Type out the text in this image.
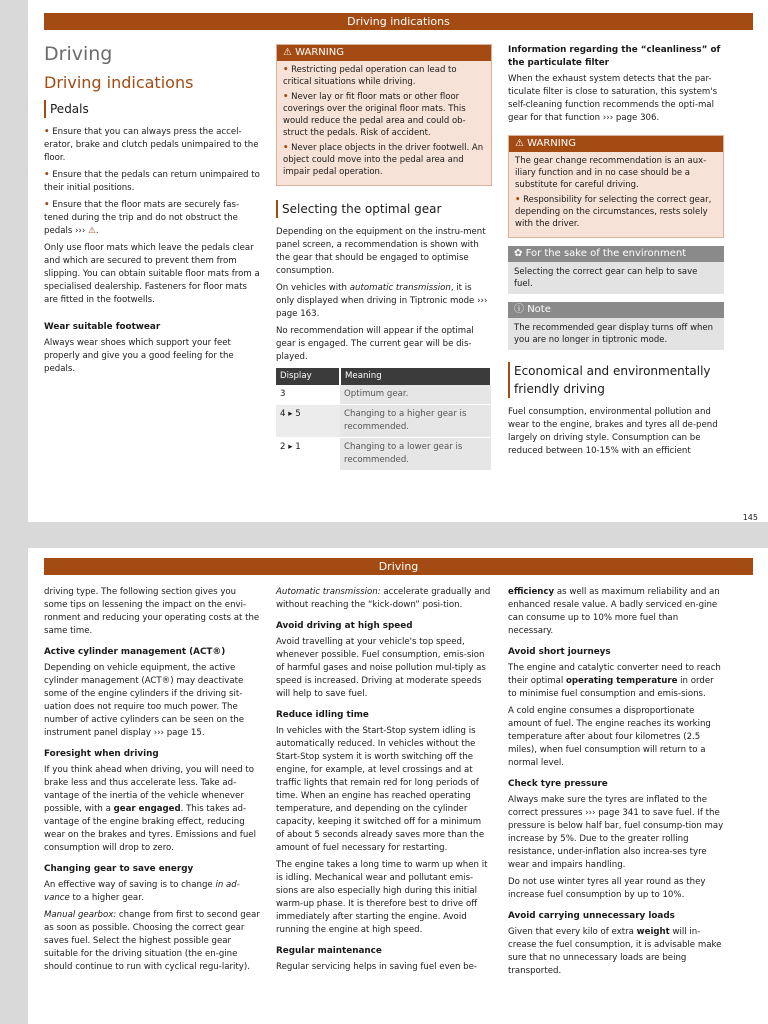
Driving indications
Driving
Driving indications
Pedals

• Ensure that you can always press the accel-erator, brake and clutch pedals unimpaired to the floor.

• Ensure that the pedals can return unimpaired to their initial positions.

• Ensure that the floor mats are securely fas-tened during the trip and do not obstruct the pedals ››› ⚠.

Only use floor mats which leave the pedals clear and which are secured to prevent them from slipping. You can obtain suitable floor mats from a specialised dealership. Fasteners for floor mats are fitted in the footwells.

Wear suitable footwear

Always wear shoes which support your feet properly and give you a good feeling for the pedals.

⚠ WARNING

• Restricting pedal operation can lead to critical situations while driving.

• Never lay or fit floor mats or other floor coverings over the original floor mats. This would reduce the pedal area and could ob-struct the pedals. Risk of accident.

• Never place objects in the driver footwell. An object could move into the pedal area and impair pedal operation.

Selecting the optimal gear

Depending on the equipment on the instru-ment panel screen, a recommendation is shown with the gear that should be engaged to optimise consumption.

On vehicles with automatic transmission, it is only displayed when driving in Tiptronic mode ››› page 163.

No recommendation will appear if the optimal gear is engaged. The current gear will be dis-played.

Display	Meaning
3	Optimum gear.
4 ▸ 5	Changing to a higher gear is recommended.
2 ▸ 1	Changing to a lower gear is recommended.
Information regarding the “cleanliness” of the particulate filter

When the exhaust system detects that the par-ticulate filter is close to saturation, this system's self-cleaning function recommends the opti-mal gear for that function ››› page 306.

⚠ WARNING

The gear change recommendation is an aux-iliary function and in no case should be a substitute for careful driving.

• Responsibility for selecting the correct gear, depending on the circumstances, rests solely with the driver.

✿ For the sake of the environment
Selecting the correct gear can help to save fuel.
ⓘ Note
The recommended gear display turns off when you are no longer in tiptronic mode.
Economical and environmentally friendly driving

Fuel consumption, environmental pollution and wear to the engine, brakes and tyres all de-pend largely on driving style. Consumption can be reduced between 10-15% with an efficient

145
Driving

driving type. The following section gives you some tips on lessening the impact on the envi-ronment and reducing your operating costs at the same time.

Active cylinder management (ACT®)

Depending on vehicle equipment, the active cylinder management (ACT®) may deactivate some of the engine cylinders if the driving sit-uation does not require too much power. The number of active cylinders can be seen on the instrument panel display ››› page 15.

Foresight when driving

If you think ahead when driving, you will need to brake less and thus accelerate less. Take ad-vantage of the inertia of the vehicle whenever possible, with a gear engaged. This takes ad-vantage of the engine braking effect, reducing wear on the brakes and tyres. Emissions and fuel consumption will drop to zero.

Changing gear to save energy

An effective way of saving is to change in ad-vance to a higher gear.

Manual gearbox: change from first to second gear as soon as possible. Choosing the correct gear saves fuel. Select the highest possible gear suitable for the driving situation (the en-gine should continue to run with cyclical regu-larity).

Automatic transmission: accelerate gradually and without reaching the “kick-down” posi-tion.

Avoid driving at high speed

Avoid travelling at your vehicle's top speed, whenever possible. Fuel consumption, emis-sion of harmful gases and noise pollution mul-tiply as speed is increased. Driving at moderate speeds will help to save fuel.

Reduce idling time

In vehicles with the Start-Stop system idling is automatically reduced. In vehicles without the Start-Stop system it is worth switching off the engine, for example, at level crossings and at traffic lights that remain red for long periods of time. When an engine has reached operating temperature, and depending on the cylinder capacity, keeping it switched off for a minimum of about 5 seconds already saves more than the amount of fuel necessary for restarting.

The engine takes a long time to warm up when it is idling. Mechanical wear and pollutant emis-sions are also especially high during this initial warm-up phase. It is therefore best to drive off immediately after starting the engine. Avoid running the engine at high speed.

Regular maintenance

Regular servicing helps in saving fuel even be-

efficiency as well as maximum reliability and an enhanced resale value. A badly serviced en-gine can consume up to 10% more fuel than necessary.

Avoid short journeys

The engine and catalytic converter need to reach their optimal operating temperature in order to minimise fuel consumption and emis-sions.

A cold engine consumes a disproportionate amount of fuel. The engine reaches its working temperature after about four kilometres (2.5 miles), when fuel consumption will return to a normal level.

Check tyre pressure

Always make sure the tyres are inflated to the correct pressures ››› page 341 to save fuel. If the pressure is below half bar, fuel consump-tion may increase by 5%. Due to the greater rolling resistance, under-inflation also increa-ses tyre wear and impairs handling.

Do not use winter tyres all year round as they increase fuel consumption by up to 10%.

Avoid carrying unnecessary loads

Given that every kilo of extra weight will in-crease the fuel consumption, it is advisable make sure that no unnecessary loads are being transported.
